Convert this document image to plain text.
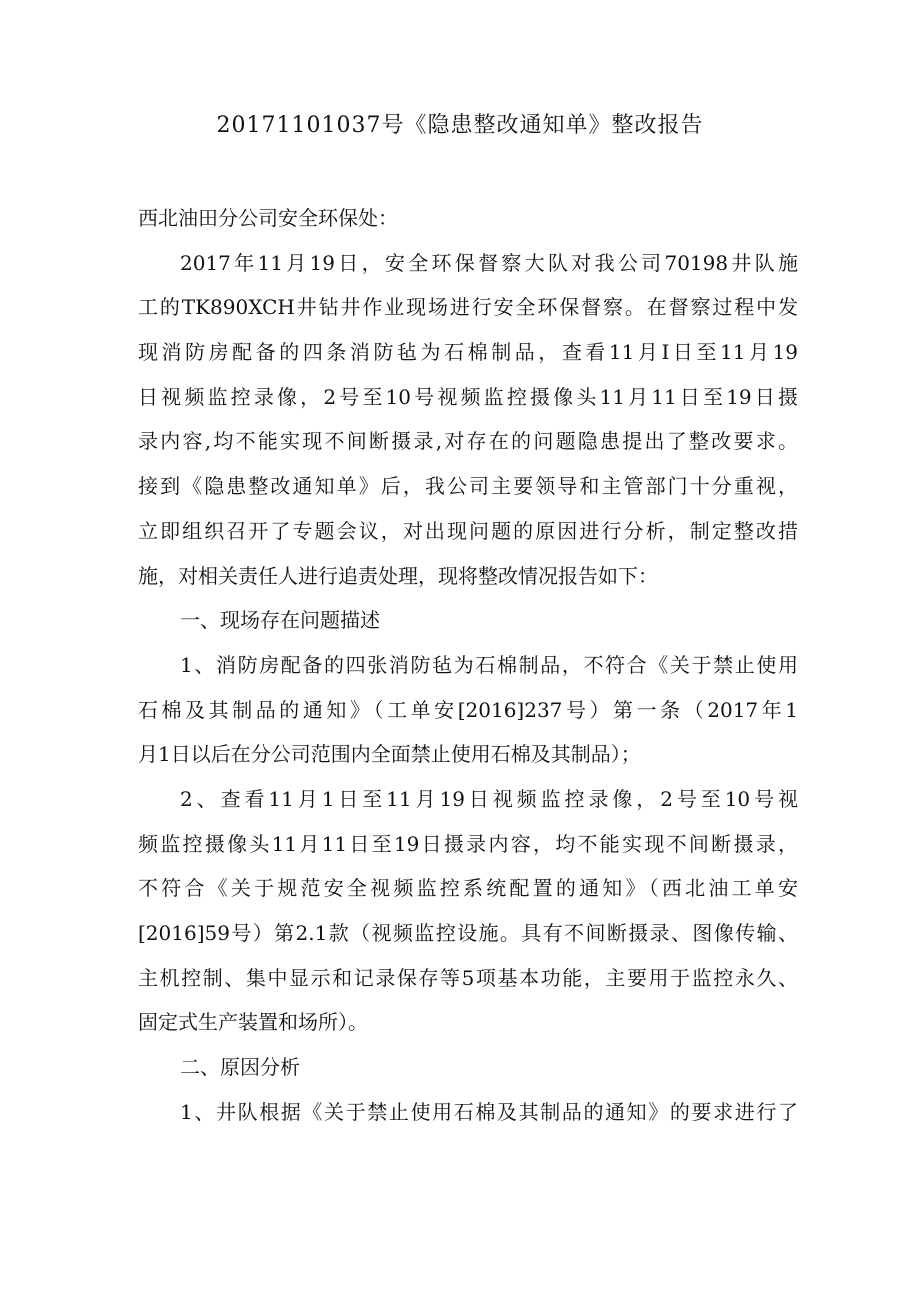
20171101037号《隐患整改通知单》整改报告
西北油田分公司安全环保处：
2017年11月19日，安全环保督察大队对我公司70198井队施
工的TK890XCH井钻井作业现场进行安全环保督察。在督察过程中发
现消防房配备的四条消防毡为石棉制品，查看11月I日至11月19
日视频监控录像，2号至10号视频监控摄像头11月11日至19日摄
录内容,均不能实现不间断摄录,对存在的问题隐患提出了整改要求。
接到《隐患整改通知单》后，我公司主要领导和主管部门十分重视，
立即组织召开了专题会议，对出现问题的原因进行分析，制定整改措
施，对相关责任人进行追责处理，现将整改情况报告如下：
一、现场存在问题描述
1、消防房配备的四张消防毡为石棉制品，不符合《关于禁止使用
石棉及其制品的通知》（工单安[2016]237号）第一条（2017年1
月1日以后在分公司范围内全面禁止使用石棉及其制品）；
2、查看11月1日至11月19日视频监控录像，2号至10号视
频监控摄像头11月11日至19日摄录内容，均不能实现不间断摄录，
不符合《关于规范安全视频监控系统配置的通知》（西北油工单安
[2016]59号）第2.1款（视频监控设施。具有不间断摄录、图像传输、
主机控制、集中显示和记录保存等5项基本功能，主要用于监控永久、
固定式生产装置和场所）。
二、原因分析
1、井队根据《关于禁止使用石棉及其制品的通知》的要求进行了
